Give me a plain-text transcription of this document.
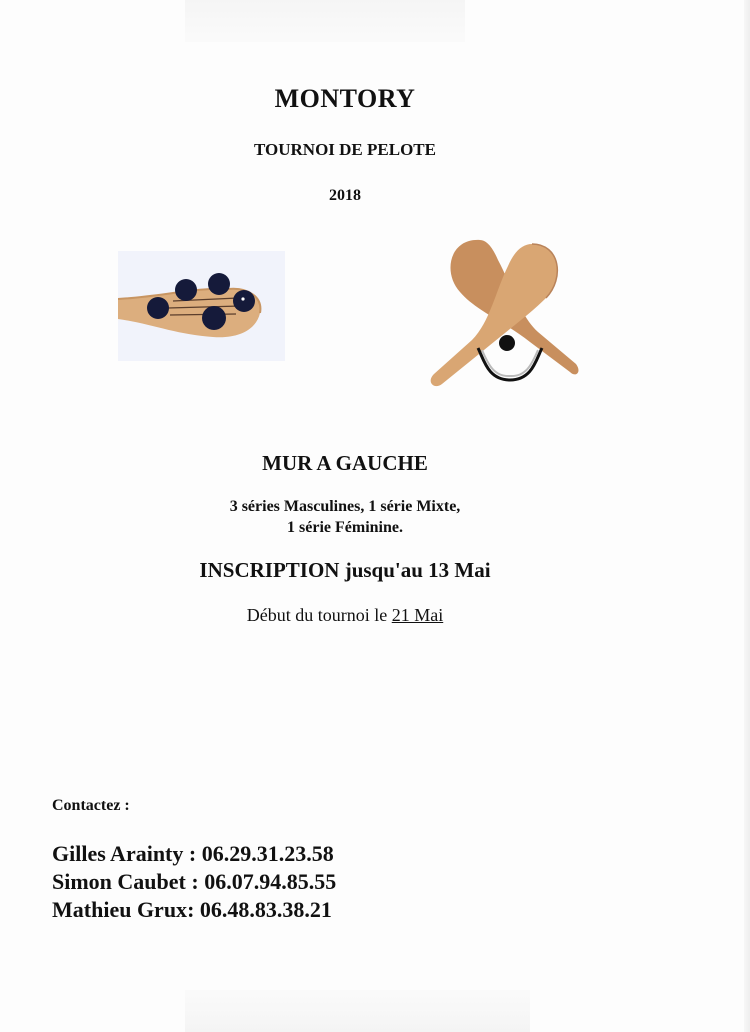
MONTORY
TOURNOI DE PELOTE
2018
MUR A GAUCHE
3 séries Masculines, 1 série Mixte,
1 série Féminine.
INSCRIPTION jusqu'au 13 Mai
Début du tournoi le 21 Mai
Contactez :
Gilles Arainty : 06.29.31.23.58
Simon Caubet : 06.07.94.85.55
Mathieu Grux: 06.48.83.38.21
